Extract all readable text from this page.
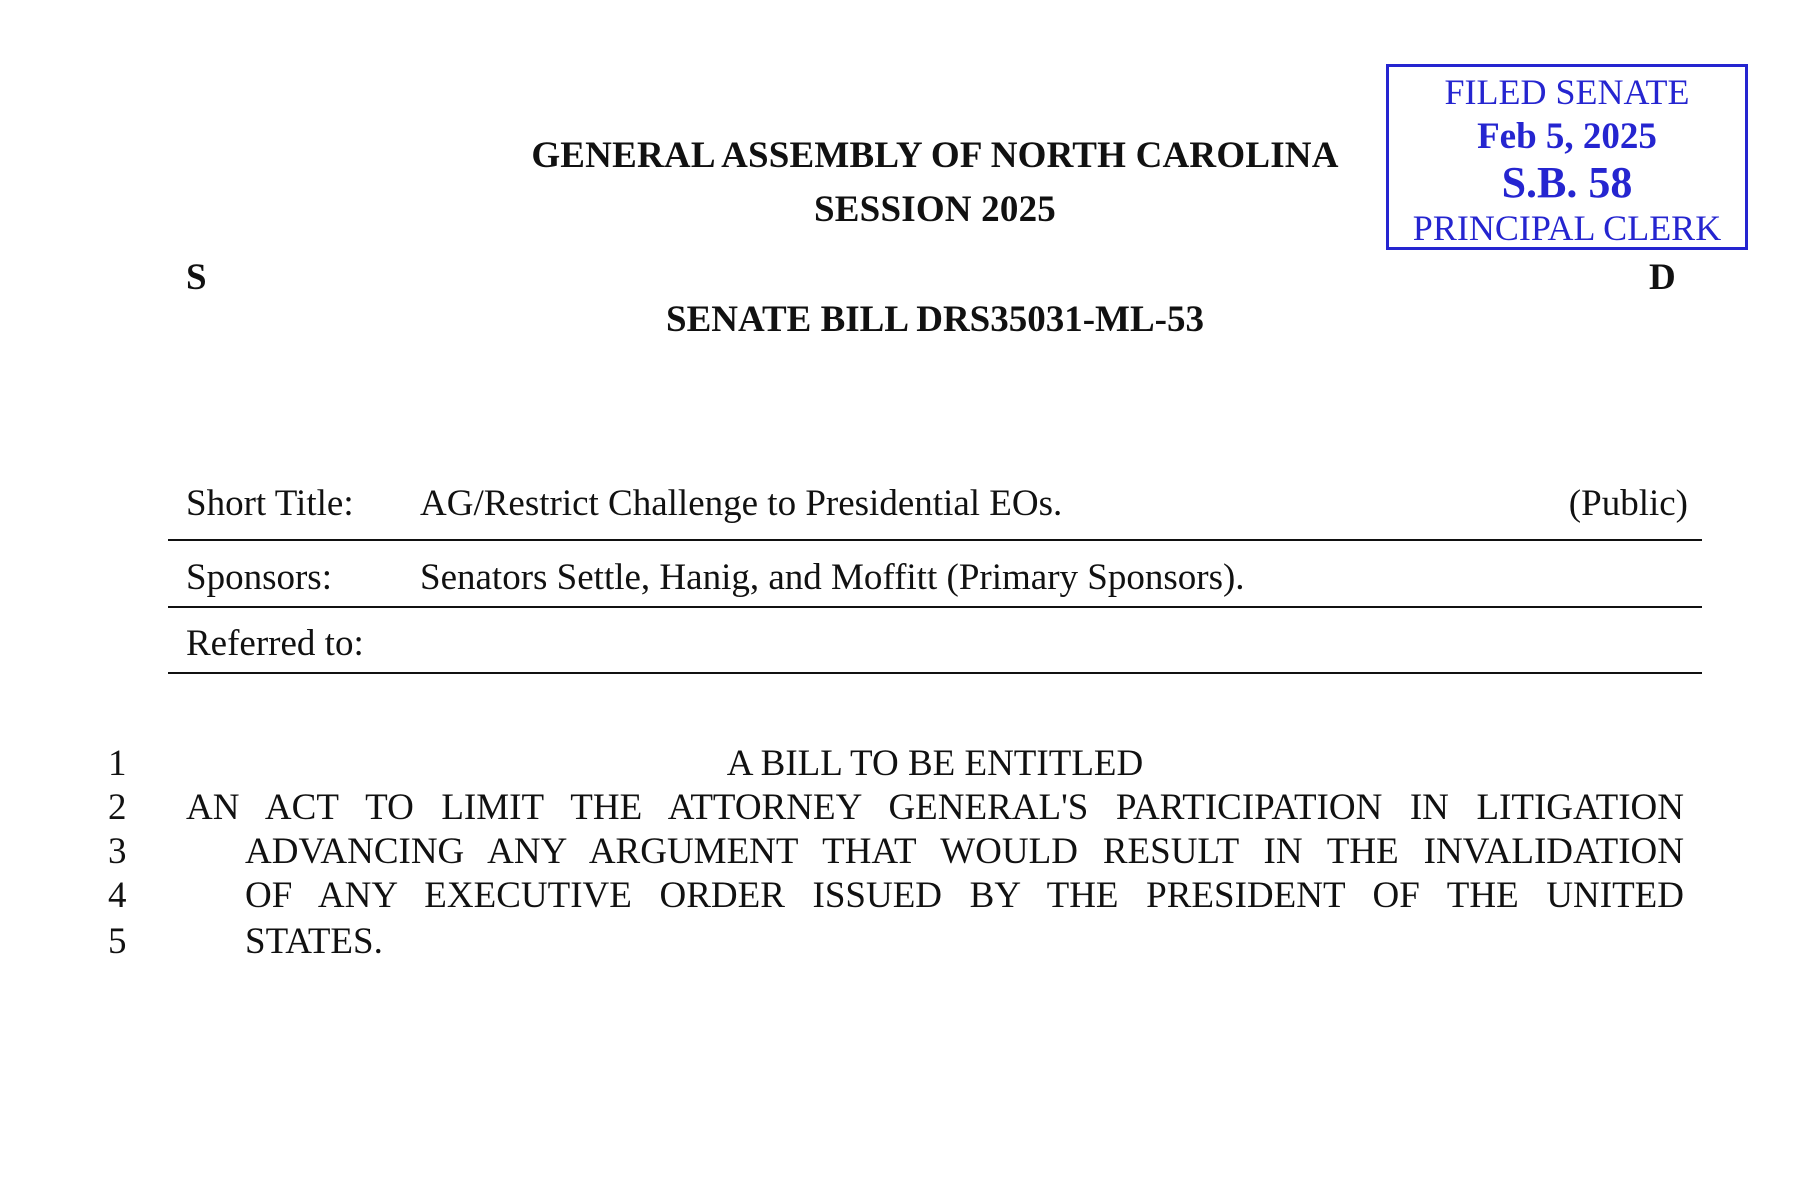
GENERAL ASSEMBLY OF NORTH CAROLINA
SESSION 2025
S	D
SENATE BILL DRS35031-ML-53
FILED SENATE
Feb 5, 2025
S.B. 58
PRINCIPAL CLERK
Short Title: AG/Restrict Challenge to Presidential EOs.	(Public)
Sponsors: Senators Settle, Hanig, and Moffitt (Primary Sponsors).
Referred to:
1
2
3
4
5
A BILL TO BE ENTITLED
AN ACT TO LIMIT THE ATTORNEY GENERAL'S PARTICIPATION IN LITIGATION
ADVANCING ANY ARGUMENT THAT WOULD RESULT IN THE INVALIDATION
OF ANY EXECUTIVE ORDER ISSUED BY THE PRESIDENT OF THE UNITED
STATES.
